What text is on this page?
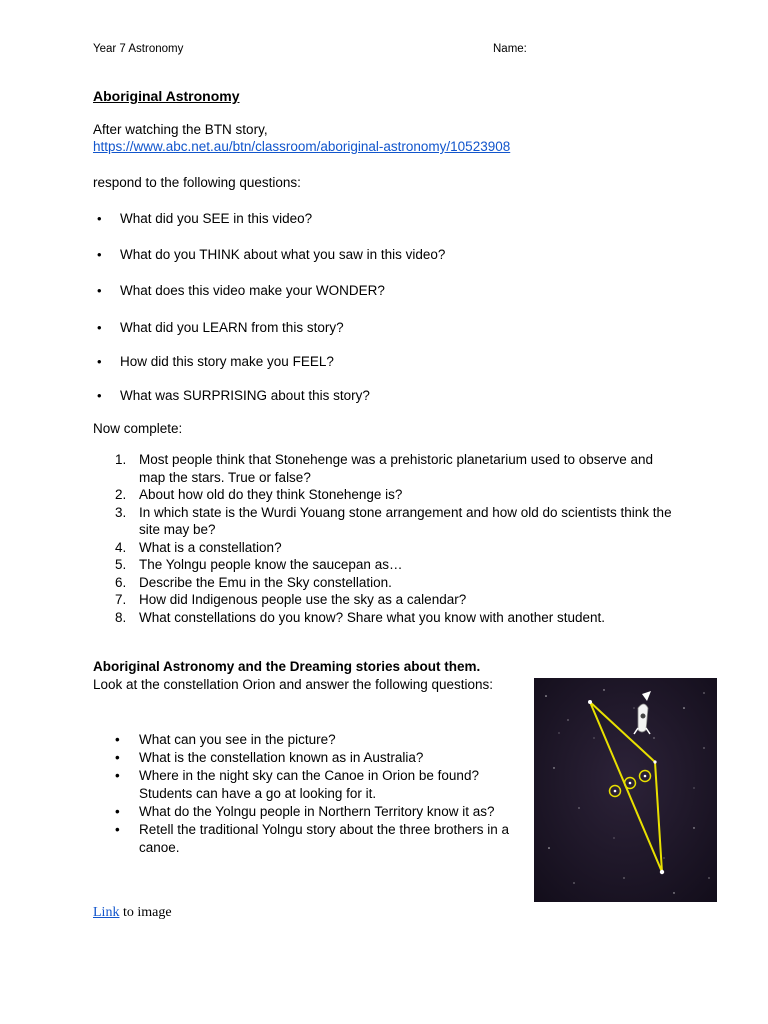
Year 7 Astronomy	Name:
Aboriginal Astronomy
After watching the BTN story,
https://www.abc.net.au/btn/classroom/aboriginal-astronomy/10523908
respond to the following questions:
• What did you SEE in this video?
• What do you THINK about what you saw in this video?
• What does this video make your WONDER?
• What did you LEARN from this story?
• How did this story make you FEEL?
• What was SURPRISING about this story?
Now complete:
1. Most people think that Stonehenge was a prehistoric planetarium used to observe and map the stars. True or false?
2. About how old do they think Stonehenge is?
3. In which state is the Wurdi Youang stone arrangement and how old do scientists think the site may be?
4. What is a constellation?
5. The Yolngu people know the saucepan as…
6. Describe the Emu in the Sky constellation.
7. How did Indigenous people use the sky as a calendar?
8. What constellations do you know? Share what you know with another student.
Aboriginal Astronomy and the Dreaming stories about them.
Look at the constellation Orion and answer the following questions:
• What can you see in the picture?
• What is the constellation known as in Australia?
• Where in the night sky can the Canoe in Orion be found? Students can have a go at looking for it.
• What do the Yolngu people in Northern Territory know it as?
• Retell the traditional Yolngu story about the three brothers in a canoe.
Link to image
